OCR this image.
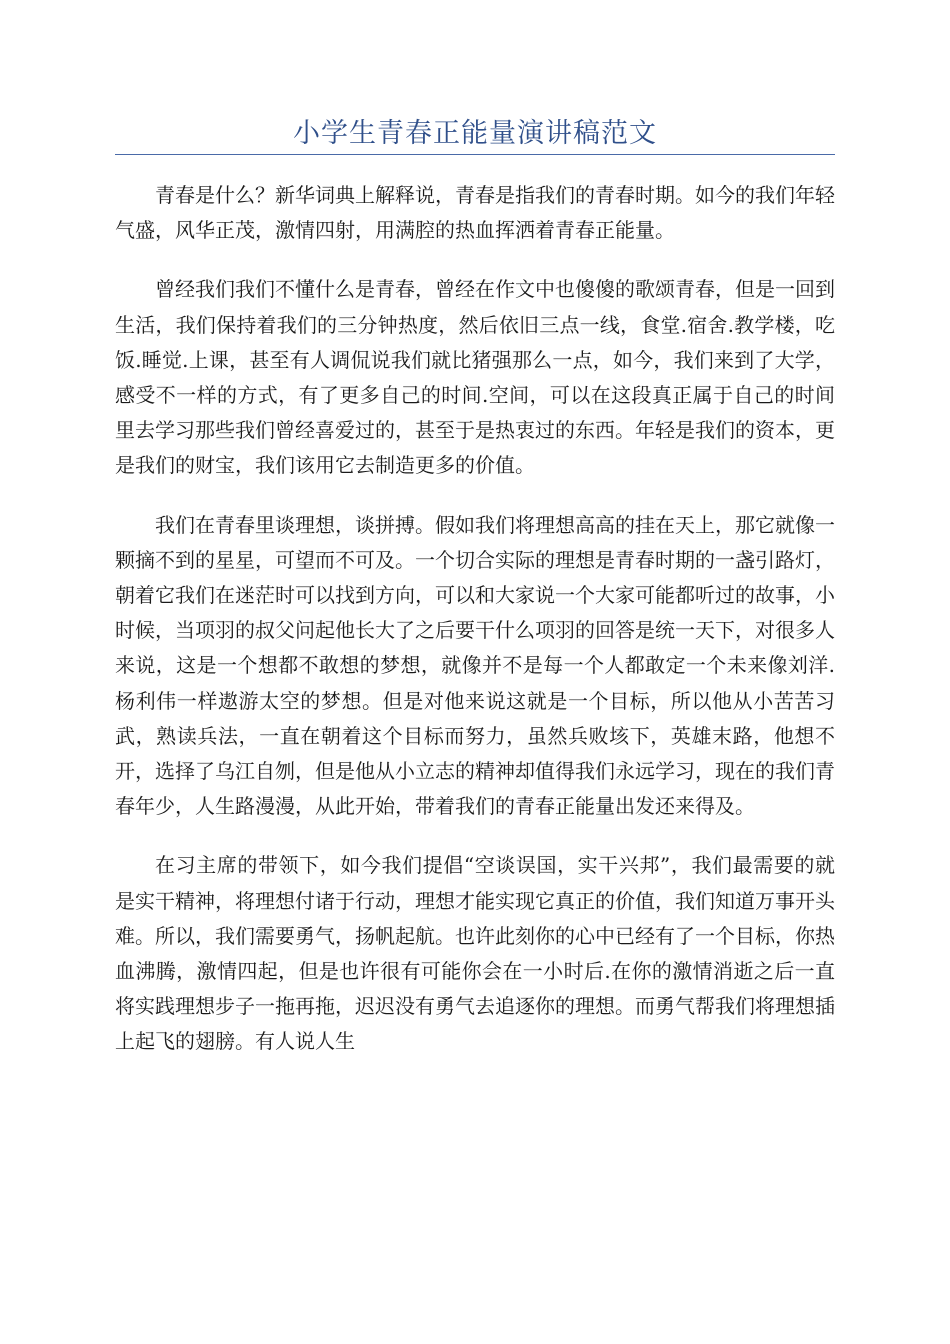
小学生青春正能量演讲稿范文

青春是什么？新华词典上解释说，青春是指我们的青春时期。如今的我们年轻气盛，风华正茂，激情四射，用满腔的热血挥洒着青春正能量。

曾经我们我们不懂什么是青春，曾经在作文中也傻傻的歌颂青春，但是一回到生活，我们保持着我们的三分钟热度，然后依旧三点一线，食堂.宿舍.教学楼，吃饭.睡觉.上课，甚至有人调侃说我们就比猪强那么一点，如今，我们来到了大学，感受不一样的方式，有了更多自己的时间.空间，可以在这段真正属于自己的时间里去学习那些我们曾经喜爱过的，甚至于是热衷过的东西。年轻是我们的资本，更是我们的财宝，我们该用它去制造更多的价值。

我们在青春里谈理想，谈拼搏。假如我们将理想高高的挂在天上，那它就像一颗摘不到的星星，可望而不可及。一个切合实际的理想是青春时期的一盏引路灯，朝着它我们在迷茫时可以找到方向，可以和大家说一个大家可能都听过的故事，小时候，当项羽的叔父问起他长大了之后要干什么项羽的回答是统一天下，对很多人来说，这是一个想都不敢想的梦想，就像并不是每一个人都敢定一个未来像刘洋.杨利伟一样遨游太空的梦想。但是对他来说这就是一个目标，所以他从小苦苦习武，熟读兵法，一直在朝着这个目标而努力，虽然兵败垓下，英雄末路，他想不开，选择了乌江自刎，但是他从小立志的精神却值得我们永远学习，现在的我们青春年少，人生路漫漫，从此开始，带着我们的青春正能量出发还来得及。

在习主席的带领下，如今我们提倡“空谈误国，实干兴邦”，我们最需要的就是实干精神，将理想付诸于行动，理想才能实现它真正的价值，我们知道万事开头难。所以，我们需要勇气，扬帆起航。也许此刻你的心中已经有了一个目标，你热血沸腾，激情四起，但是也许很有可能你会在一小时后.在你的激情消逝之后一直将实践理想步子一拖再拖，迟迟没有勇气去追逐你的理想。而勇气帮我们将理想插上起飞的翅膀。有人说人生
